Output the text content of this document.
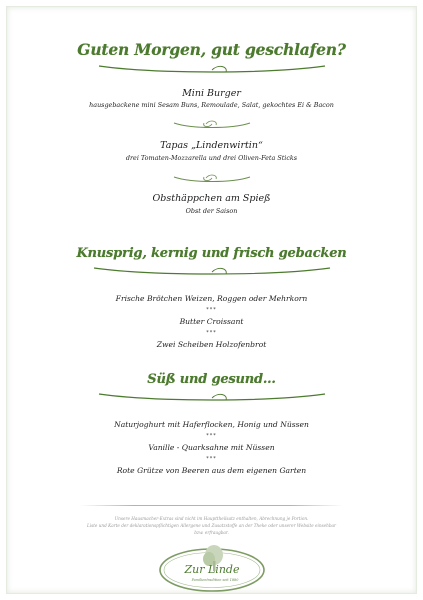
Guten Morgen, gut geschlafen?
Mini Burger
hausgebackene mini Sesam Buns, Remoulade, Salat, gekochtes Ei & Bacon
Tapas „Lindenwirtin“
drei Tomaten-Mozzarella und drei Oliven-Feta Sticks
Obsthäppchen am Spieß
Obst der Saison
Knusprig, kernig und frisch gebacken
Frische Brötchen Weizen, Roggen oder Mehrkorn
***
Butter Croissant
***
Zwei Scheiben Holzofenbrot
Süß und gesund…
Naturjoghurt mit Haferflocken, Honig und Nüssen
***
Vanille - Quarksahne mit Nüssen
***
Rote Grütze von Beeren aus dem eigenen Garten
Unsere Hausmacher-Extras sind nicht im Haupttheilsatz enthalten, Abrechnung je Portion.
Liste und Karte der deklarationspflichtigen Allergene und Zusatzstoffe an der Theke oder unserer Website einsehbar
bzw. erfraugbar.
Zur Linde
Familientradition seit 1880
